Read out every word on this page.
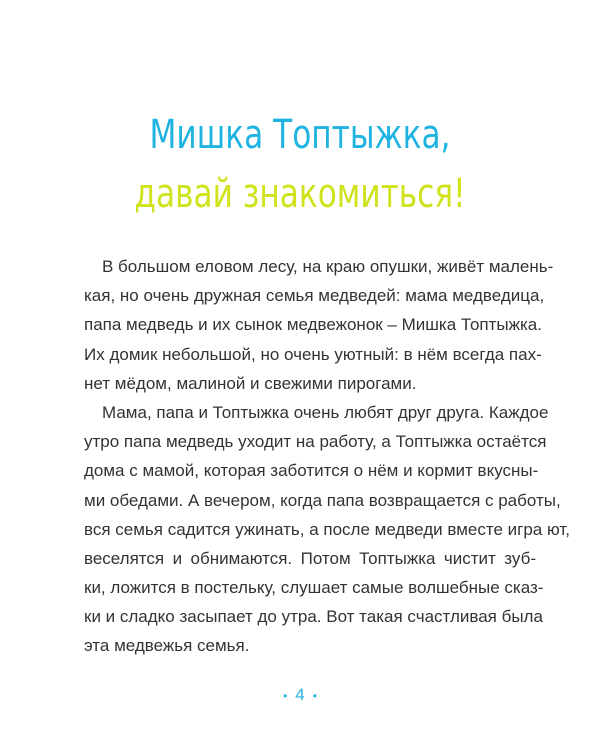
Мишка Топтыжка,
давай знакомиться!
В большом еловом лесу, на краю опушки, живёт малень-
кая, но очень дружная семья медведей: мама медведица,
папа медведь и их сынок медвежонок – Мишка Топтыжка.
Их домик небольшой, но очень уютный: в нём всегда пах-
нет мёдом, малиной и свежими пирогами.
Мама, папа и Топтыжка очень любят друг друга. Каждое
утро папа медведь уходит на работу, а Топтыжка остаётся
дома с мамой, которая заботится о нём и кормит вкусны-
ми обедами. А вечером, когда папа возвращается с работы,
вся семья садится ужинать, а после медведи вместе игра ют,
веселятся и обнимаются. Потом Топтыжка чистит зуб-
ки, ложится в постельку, слушает самые волшебные сказ-
ки и сладко засыпает до утра. Вот такая счастливая была
эта медвежья семья.
• 4 •
